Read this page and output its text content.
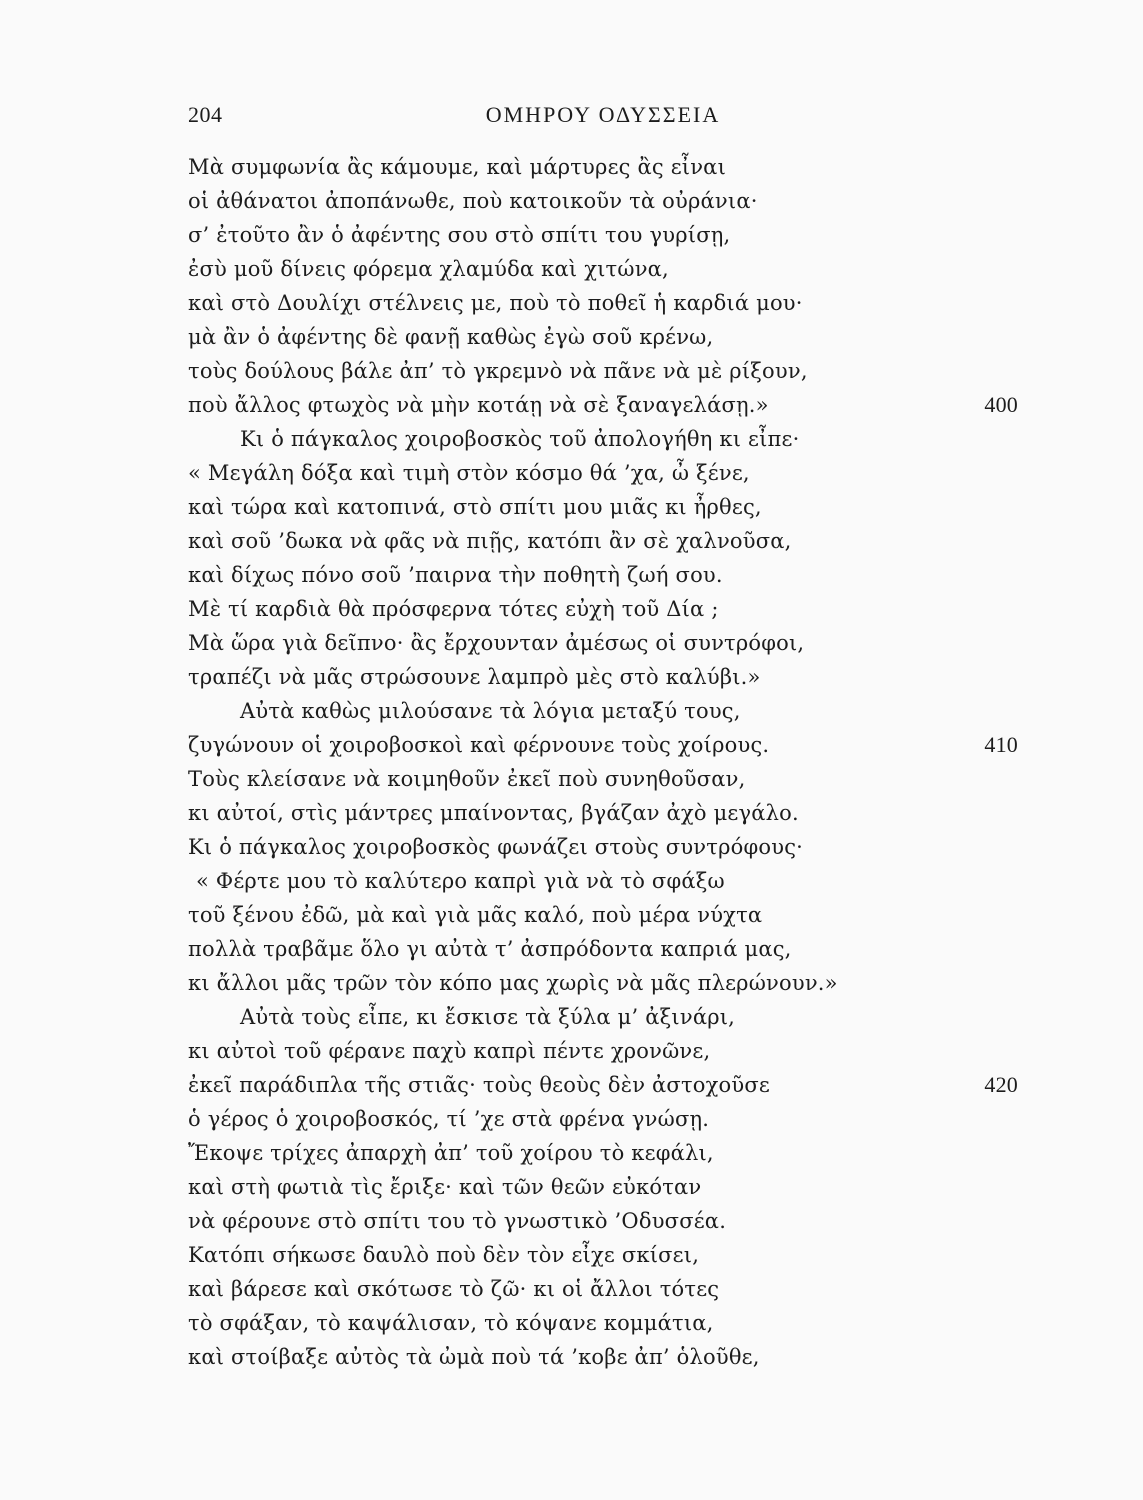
204	ΟΜΗΡΟΥ ΟΔΥΣΣΕΙΑ
Μὰ συμφωνία ἂς κάμουμε, καὶ μάρτυρες ἂς εἶναι
οἱ ἀθάνατοι ἀποπάνωθε, ποὺ κατοικοῦν τὰ οὐράνια·
σ’ ἐτοῦτο ἂν ὁ ἀφέντης σου στὸ σπίτι του γυρίσῃ,
ἐσὺ μοῦ δίνεις φόρεμα χλαμύδα καὶ χιτώνα,
καὶ στὸ Δουλίχι στέλνεις με, ποὺ τὸ ποθεῖ ἡ καρδιά μου·
μὰ ἂν ὁ ἀφέντης δὲ φανῇ καθὼς ἐγὼ σοῦ κρένω,
τοὺς δούλους βάλε ἀπ’ τὸ γκρεμνὸ νὰ πᾶνε νὰ μὲ ρίξουν,
ποὺ ἄλλος φτωχὸς νὰ μὴν κοτάῃ νὰ σὲ ξαναγελάσῃ.»	400
Κι ὁ πάγκαλος χοιροβοσκὸς τοῦ ἀπολογήθη κι εἶπε·
« Μεγάλη δόξα καὶ τιμὴ στὸν κόσμο θά ’χα, ὦ ξένε,
καὶ τώρα καὶ κατοπινά, στὸ σπίτι μου μιᾶς κι ἦρθες,
καὶ σοῦ ’δωκα νὰ φᾶς νὰ πιῇς, κατόπι ἂν σὲ χαλνοῦσα,
καὶ δίχως πόνο σοῦ ’παιρνα τὴν ποθητὴ ζωή σου.
Μὲ τί καρδιὰ θὰ πρόσφερνα τότες εὐχὴ τοῦ Δία ;
Μὰ ὥρα γιὰ δεῖπνο· ἂς ἔρχουνταν ἀμέσως οἱ συντρόφοι,
τραπέζι νὰ μᾶς στρώσουνε λαμπρὸ μὲς στὸ καλύβι.»
Αὐτὰ καθὼς μιλούσανε τὰ λόγια μεταξύ τους,
ζυγώνουν οἱ χοιροβοσκοὶ καὶ φέρνουνε τοὺς χοίρους.	410
Τοὺς κλείσανε νὰ κοιμηθοῦν ἐκεῖ ποὺ συνηθοῦσαν,
κι αὐτοί, στὶς μάντρες μπαίνοντας, βγάζαν ἀχὸ μεγάλο.
Κι ὁ πάγκαλος χοιροβοσκὸς φωνάζει στοὺς συντρόφους·
« Φέρτε μου τὸ καλύτερο καπρὶ γιὰ νὰ τὸ σφάξω
τοῦ ξένου ἐδῶ, μὰ καὶ γιὰ μᾶς καλό, ποὺ μέρα νύχτα
πολλὰ τραβᾶμε ὅλο γι αὐτὰ τ’ ἀσπρόδοντα καπριά μας,
κι ἄλλοι μᾶς τρῶν τὸν κόπο μας χωρὶς νὰ μᾶς πλερώνουν.»
Αὐτὰ τοὺς εἶπε, κι ἔσκισε τὰ ξύλα μ’ ἀξινάρι,
κι αὐτοὶ τοῦ φέρανε παχὺ καπρὶ πέντε χρονῶνε,
ἐκεῖ παράδιπλα τῆς στιᾶς· τοὺς θεοὺς δὲν ἀστοχοῦσε	420
ὁ γέρος ὁ χοιροβοσκός, τί ’χε στὰ φρένα γνώσῃ.
Ἔκοψε τρίχες ἀπαρχὴ ἀπ’ τοῦ χοίρου τὸ κεφάλι,
καὶ στὴ φωτιὰ τὶς ἔριξε· καὶ τῶν θεῶν εὐκόταν
νὰ φέρουνε στὸ σπίτι του τὸ γνωστικὸ ’Οδυσσέα.
Κατόπι σήκωσε δαυλὸ ποὺ δὲν τὸν εἶχε σκίσει,
καὶ βάρεσε καὶ σκότωσε τὸ ζῶ· κι οἱ ἄλλοι τότες
τὸ σφάξαν, τὸ καψάλισαν, τὸ κόψανε κομμάτια,
καὶ στοίβαξε αὐτὸς τὰ ὠμὰ ποὺ τά ’κοβε ἀπ’ ὁλοῦθε,
